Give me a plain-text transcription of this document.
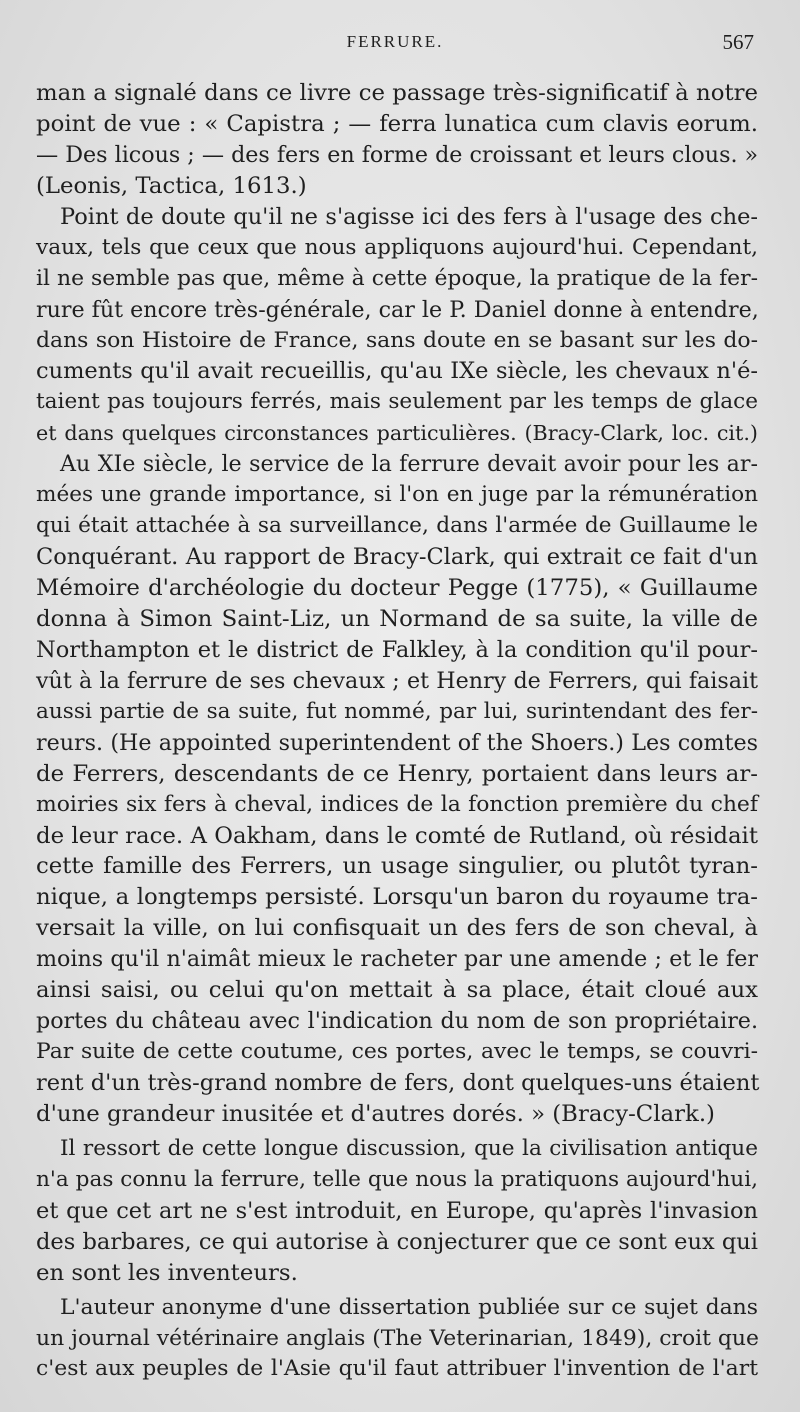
FERRURE.	567
man a signalé dans ce livre ce passage très-significatif à notre
point de vue : « Capistra ; — ferra lunatica cum clavis eorum.
— Des licous ; — des fers en forme de croissant et leurs clous. »
(Leonis, Tactica, 1613.)
Point de doute qu'il ne s'agisse ici des fers à l'usage des che-
vaux, tels que ceux que nous appliquons aujourd'hui. Cependant,
il ne semble pas que, même à cette époque, la pratique de la fer-
rure fût encore très-générale, car le P. Daniel donne à entendre,
dans son Histoire de France, sans doute en se basant sur les do-
cuments qu'il avait recueillis, qu'au IXe siècle, les chevaux n'é-
taient pas toujours ferrés, mais seulement par les temps de glace
et dans quelques circonstances particulières. (Bracy-Clark, loc. cit.)
Au XIe siècle, le service de la ferrure devait avoir pour les ar-
mées une grande importance, si l'on en juge par la rémunération
qui était attachée à sa surveillance, dans l'armée de Guillaume le
Conquérant. Au rapport de Bracy-Clark, qui extrait ce fait d'un
Mémoire d'archéologie du docteur Pegge (1775), « Guillaume
donna à Simon Saint-Liz, un Normand de sa suite, la ville de
Northampton et le district de Falkley, à la condition qu'il pour-
vût à la ferrure de ses chevaux ; et Henry de Ferrers, qui faisait
aussi partie de sa suite, fut nommé, par lui, surintendant des fer-
reurs. (He appointed superintendent of the Shoers.) Les comtes
de Ferrers, descendants de ce Henry, portaient dans leurs ar-
moiries six fers à cheval, indices de la fonction première du chef
de leur race. A Oakham, dans le comté de Rutland, où résidait
cette famille des Ferrers, un usage singulier, ou plutôt tyran-
nique, a longtemps persisté. Lorsqu'un baron du royaume tra-
versait la ville, on lui confisquait un des fers de son cheval, à
moins qu'il n'aimât mieux le racheter par une amende ; et le fer
ainsi saisi, ou celui qu'on mettait à sa place, était cloué aux
portes du château avec l'indication du nom de son propriétaire.
Par suite de cette coutume, ces portes, avec le temps, se couvri-
rent d'un très-grand nombre de fers, dont quelques-uns étaient
d'une grandeur inusitée et d'autres dorés. » (Bracy-Clark.)
Il ressort de cette longue discussion, que la civilisation antique
n'a pas connu la ferrure, telle que nous la pratiquons aujourd'hui,
et que cet art ne s'est introduit, en Europe, qu'après l'invasion
des barbares, ce qui autorise à conjecturer que ce sont eux qui
en sont les inventeurs.
L'auteur anonyme d'une dissertation publiée sur ce sujet dans
un journal vétérinaire anglais (The Veterinarian, 1849), croit que
c'est aux peuples de l'Asie qu'il faut attribuer l'invention de l'art
